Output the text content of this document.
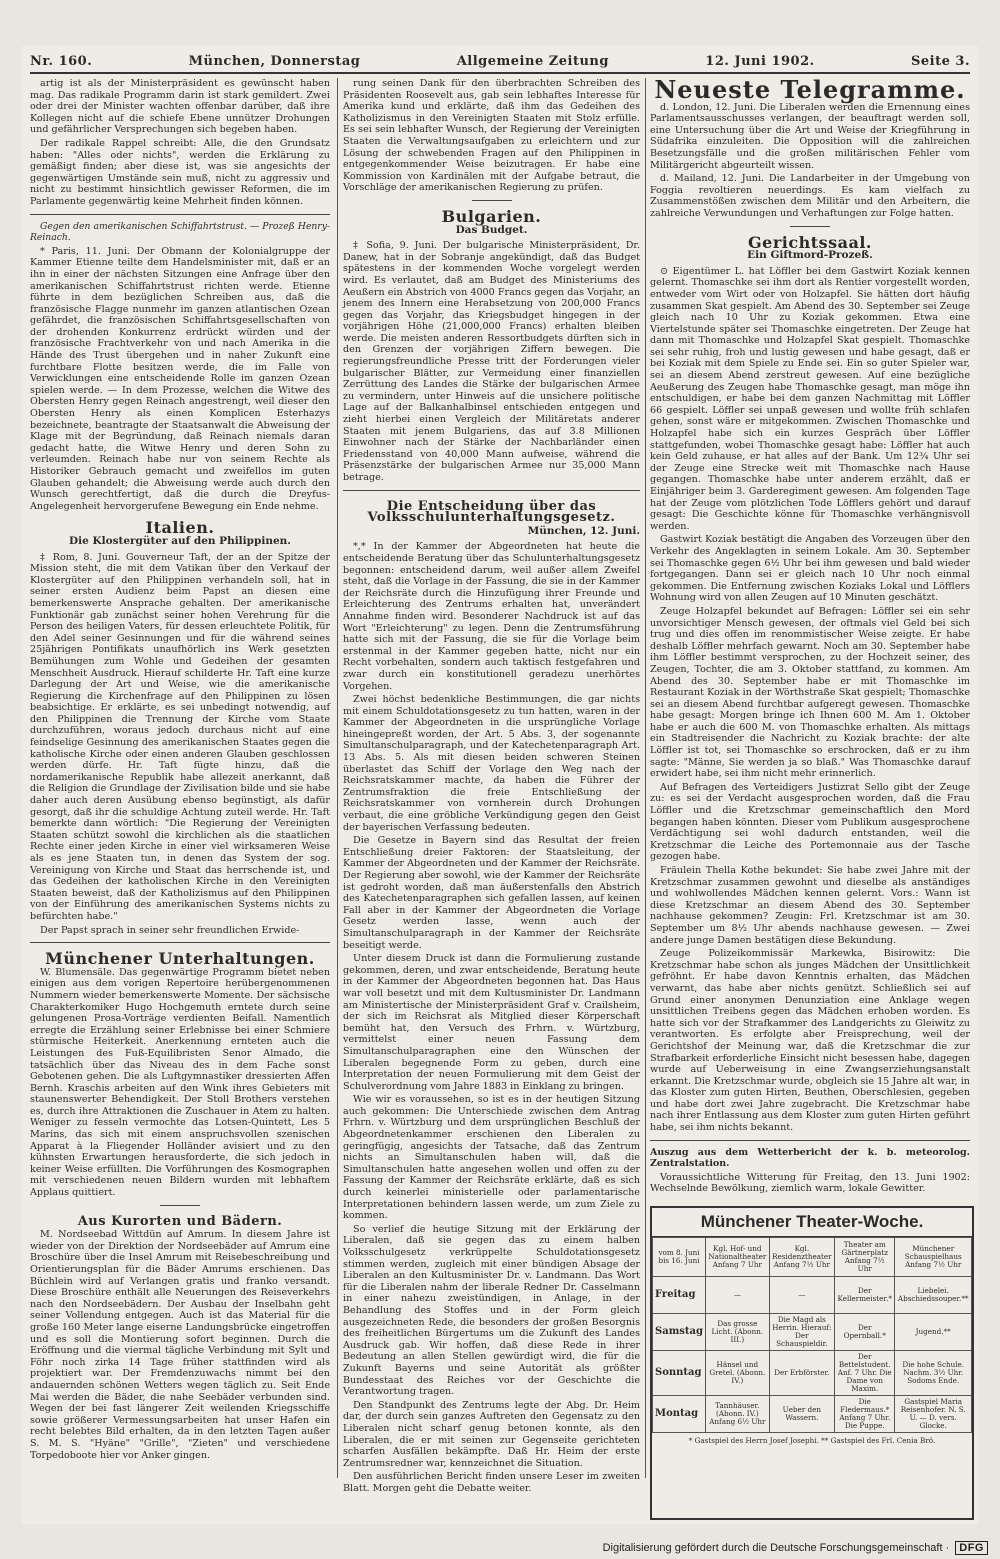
Nr. 160.	München, Donnerstag	Allgemeine Zeitung	12. Juni 1902.	Seite 3.

artig ist als der Ministerpräsident es gewünscht haben mag. Das radikale Programm darin ist stark gemildert. Zwei oder drei der Minister wachten offenbar darüber, daß ihre Kollegen nicht auf die schiefe Ebene unnützer Drohungen und gefährlicher Versprechungen sich begeben haben.

Der radikale Rappel schreibt: Alle, die den Grundsatz haben: "Alles oder nichts", werden die Erklärung zu gemäßigt finden; aber diese ist, was sie angesichts der gegenwärtigen Umstände sein muß, nicht zu aggressiv und nicht zu bestimmt hinsichtlich gewisser Reformen, die im Parlamente gegenwärtig keine Mehrheit finden können.

Gegen den amerikanischen Schiffahrtstrust. — Prozeß Henry-Reinach.

* Paris, 11. Juni. Der Obmann der Kolonialgruppe der Kammer Etienne teilte dem Handelsminister mit, daß er an ihn in einer der nächsten Sitzungen eine Anfrage über den amerikanischen Schiffahrtstrust richten werde. Etienne führte in dem bezüglichen Schreiben aus, daß die französische Flagge nunmehr im ganzen atlantischen Ozean gefährdet, die französischen Schiffahrtsgesellschaften von der drohenden Konkurrenz erdrückt würden und der französische Frachtverkehr von und nach Amerika in die Hände des Trust übergehen und in naher Zukunft eine furchtbare Flotte besitzen werde, die im Falle von Verwicklungen eine entscheidende Rolle im ganzen Ozean spielen werde. — In dem Prozesse, welchen die Witwe des Obersten Henry gegen Reinach angestrengt, weil dieser den Obersten Henry als einen Komplicen Esterhazys bezeichnete, beantragte der Staatsanwalt die Abweisung der Klage mit der Begründung, daß Reinach niemals daran gedacht hatte, die Witwe Henry und deren Sohn zu verleumden. Reinach habe nur von seinem Rechte als Historiker Gebrauch gemacht und zweifellos im guten Glauben gehandelt; die Abweisung werde auch durch den Wunsch gerechtfertigt, daß die durch die Dreyfus-Angelegenheit hervorgerufene Bewegung ein Ende nehme.

Italien.
Die Klostergüter auf den Philippinen.

‡ Rom, 8. Juni. Gouverneur Taft, der an der Spitze der Mission steht, die mit dem Vatikan über den Verkauf der Klostergüter auf den Philippinen verhandeln soll, hat in seiner ersten Audienz beim Papst an diesen eine bemerkenswerte Ansprache gehalten. Der amerikanische Funktionär gab zunächst seiner hohen Verehrung für die Person des heiligen Vaters, für dessen erleuchtete Politik, für den Adel seiner Gesinnungen und für die während seines 25jährigen Pontifikats unaufhörlich ins Werk gesetzten Bemühungen zum Wohle und Gedeihen der gesamten Menschheit Ausdruck. Hierauf schilderte Hr. Taft eine kurze Darlegung der Art und Weise, wie die amerikanische Regierung die Kirchenfrage auf den Philippinen zu lösen beabsichtige. Er erklärte, es sei unbedingt notwendig, auf den Philippinen die Trennung der Kirche vom Staate durchzuführen, woraus jedoch durchaus nicht auf eine feindselige Gesinnung des amerikanischen Staates gegen die katholische Kirche oder einen anderen Glauben geschlossen werden dürfe. Hr. Taft fügte hinzu, daß die nordamerikanische Republik habe allezeit anerkannt, daß die Religion die Grundlage der Zivilisation bilde und sie habe daher auch deren Ausübung ebenso begünstigt, als dafür gesorgt, daß ihr die schuldige Achtung zuteil werde. Hr. Taft bemerkte dann wörtlich: "Die Regierung der Vereinigten Staaten schützt sowohl die kirchlichen als die staatlichen Rechte einer jeden Kirche in einer viel wirksameren Weise als es jene Staaten tun, in denen das System der sog. Vereinigung von Kirche und Staat das herrschende ist, und das Gedeihen der katholischen Kirche in den Vereinigten Staaten beweist, daß der Katholizismus auf den Philippinen von der Einführung des amerikanischen Systems nichts zu befürchten habe."

Der Papst sprach in seiner sehr freundlichen Erwide-

Münchener Unterhaltungen.

W. Blumensäle. Das gegenwärtige Programm bietet neben einigen aus dem vorigen Repertoire herübergenommenen Nummern wieder bemerkenswerte Momente. Der sächsische Charakterkomiker Hugo Hochgemuth erntete durch seine gelungenen Prosa-Vorträge verdienten Beifall. Namentlich erregte die Erzählung seiner Erlebnisse bei einer Schmiere stürmische Heiterkeit. Anerkennung ernteten auch die Leistungen des Fuß-Equilibristen Senor Almado, die tatsächlich über das Niveau des in dem Fache sonst Gebotenen gehen. Die als Luftgymnastiker dressierten Affen Bernh. Kraschis arbeiten auf den Wink ihres Gebieters mit staunenswerter Behendigkeit. Der Stoll Brothers verstehen es, durch ihre Attraktionen die Zuschauer in Atem zu halten. Weniger zu fesseln vermochte das Lotsen-Quintett, Les 5 Marins, das sich mit einem anspruchsvollen szenischen Apparat à la Fliegender Holländer avisiert und zu den kühnsten Erwartungen herausforderte, die sich jedoch in keiner Weise erfüllten. Die Vorführungen des Kosmographen mit verschiedenen neuen Bildern wurden mit lebhaftem Applaus quittiert.

Aus Kurorten und Bädern.

M. Nordseebad Wittdün auf Amrum. In diesem Jahre ist wieder von der Direktion der Nordseebäder auf Amrum eine Broschüre über die Insel Amrum mit Reisebeschreibung und Orientierungsplan für die Bäder Amrums erschienen. Das Büchlein wird auf Verlangen gratis und franko versandt. Diese Broschüre enthält alle Neuerungen des Reiseverkehrs nach den Nordseebädern. Der Ausbau der Inselbahn geht seiner Vollendung entgegen. Auch ist das Material für die große 160 Meter lange eiserne Landungsbrücke eingetroffen und es soll die Montierung sofort beginnen. Durch die Eröffnung und die viermal tägliche Verbindung mit Sylt und Föhr noch zirka 14 Tage früher stattfinden wird als projektiert war. Der Fremdenzuwachs nimmt bei den andauernden schönen Wetters wegen täglich zu. Seit Ende Mai werden die Bäder, die nahe Seebäder verbunden sind. Wegen der bei fast längerer Zeit weilenden Kriegsschiffe sowie größerer Vermessungsarbeiten hat unser Hafen ein recht belebtes Bild erhalten, da in den letzten Tagen außer S. M. S. "Hyäne" "Grille", "Zieten" und verschiedene Torpedoboote hier vor Anker gingen.

rung seinen Dank für den überbrachten Schreiben des Präsidenten Roosevelt aus, gab sein lebhaftes Interesse für Amerika kund und erklärte, daß ihm das Gedeihen des Katholizismus in den Vereinigten Staaten mit Stolz erfülle. Es sei sein lebhafter Wunsch, der Regierung der Vereinigten Staaten die Verwaltungsaufgaben zu erleichtern und zur Lösung der schwebenden Fragen auf den Philippinen in entgegenkommender Weise beizutragen. Er habe eine Kommission von Kardinälen mit der Aufgabe betraut, die Vorschläge der amerikanischen Regierung zu prüfen.

Bulgarien.
Das Budget.

‡ Sofia, 9. Juni. Der bulgarische Ministerpräsident, Dr. Danew, hat in der Sobranje angekündigt, daß das Budget spätestens in der kommenden Woche vorgelegt werden wird. Es verlautet, daß am Budget des Ministeriums des Aeußern ein Abstrich von 4000 Francs gegen das Vorjahr, an jenem des Innern eine Herabsetzung von 200,000 Francs gegen das Vorjahr, das Kriegsbudget hingegen in der vorjährigen Höhe (21,000,000 Francs) erhalten bleiben werde. Die meisten anderen Ressortbudgets dürften sich in den Grenzen der vorjährigen Ziffern bewegen. Die regierungsfreundliche Presse tritt der Forderungen vieler bulgarischer Blätter, zur Vermeidung einer finanziellen Zerrüttung des Landes die Stärke der bulgarischen Armee zu vermindern, unter Hinweis auf die unsichere politische Lage auf der Balkanhalbinsel entschieden entgegen und zieht hierbei einen Vergleich der Militäretats anderer Staaten mit jenem Bulgariens, das auf 3.8 Millionen Einwohner nach der Stärke der Nachbarländer einen Friedensstand von 40,000 Mann aufweise, während die Präsenzstärke der bulgarischen Armee nur 35,000 Mann betrage.

Die Entscheidung über das Volksschulunterhaltungsgesetz.
München, 12. Juni.

*,* In der Kammer der Abgeordneten hat heute die entscheidende Beratung über das Schulunterhaltungsgesetz begonnen: entscheidend darum, weil außer allem Zweifel steht, daß die Vorlage in der Fassung, die sie in der Kammer der Reichsräte durch die Hinzufügung ihrer Freunde und Erleichterung des Zentrums erhalten hat, unverändert Annahme finden wird. Besonderer Nachdruck ist auf das Wort "Erleichterung" zu legen. Denn die Zentrumsführung hatte sich mit der Fassung, die sie für die Vorlage beim erstenmal in der Kammer gegeben hatte, nicht nur ein Recht vorbehalten, sondern auch taktisch festgefahren und zwar durch ein konstitutionell geradezu unerhörtes Vorgehen.

Zwei höchst bedenkliche Bestimmungen, die gar nichts mit einem Schuldotationsgesetz zu tun hatten, waren in der Kammer der Abgeordneten in die ursprüngliche Vorlage hineingepreßt worden, der Art. 5 Abs. 3, der sogenannte Simultanschulparagraph, und der Katechetenparagraph Art. 13 Abs. 5. Als mit diesen beiden schweren Steinen überlastet das Schiff der Vorlage den Weg nach der Reichsratskammer machte, da haben die Führer der Zentrumsfraktion die freie Entschließung der Reichsratskammer von vornherein durch Drohungen verbaut, die eine gröbliche Verkündigung gegen den Geist der bayerischen Verfassung bedeuten.

Die Gesetze in Bayern sind das Resultat der freien Entschließung dreier Faktoren: der Staatsleitung, der Kammer der Abgeordneten und der Kammer der Reichsräte. Der Regierung aber sowohl, wie der Kammer der Reichsräte ist gedroht worden, daß man äußerstenfalls den Abstrich des Katechetenparagraphen sich gefallen lassen, auf keinen Fall aber in der Kammer der Abgeordneten die Vorlage Gesetz werden lasse, wenn auch der Simultanschulparagraph in der Kammer der Reichsräte beseitigt werde.

Unter diesem Druck ist dann die Formulierung zustande gekommen, deren, und zwar entscheidende, Beratung heute in der Kammer der Abgeordneten begonnen hat. Das Haus war voll besetzt und mit dem Kultusminister Dr. Landmann am Ministertische der Ministerpräsident Graf v. Crailsheim, der sich im Reichsrat als Mitglied dieser Körperschaft bemüht hat, den Versuch des Frhrn. v. Würtzburg, vermittelst einer neuen Fassung dem Simultanschulparagraphen eine den Wünschen der Liberalen begegnende Form zu geben, durch eine Interpretation der neuen Formulierung mit dem Geist der Schulverordnung vom Jahre 1883 in Einklang zu bringen.

Wie wir es voraussehen, so ist es in der heutigen Sitzung auch gekommen: Die Unterschiede zwischen dem Antrag Frhrn. v. Würtzburg und dem ursprünglichen Beschluß der Abgeordnetenkammer erschienen den Liberalen zu geringfügig, angesichts der Tatsache, daß das Zentrum nichts an Simultanschulen haben will, daß die Simultanschulen hatte angesehen wollen und offen zu der Fassung der Kammer der Reichsräte erklärte, daß es sich durch keinerlei ministerielle oder parlamentarische Interpretationen behindern lassen werde, um zum Ziele zu kommen.

So verlief die heutige Sitzung mit der Erklärung der Liberalen, daß sie gegen das zu einem halben Volksschulgesetz verkrüppelte Schuldotationsgesetz stimmen werden, zugleich mit einer bündigen Absage der Liberalen an den Kultusminister Dr. v. Landmann. Das Wort für die Liberalen nahm der liberale Redner Dr. Casselmann in einer nahezu zweistündigen, in Anlage, in der Behandlung des Stoffes und in der Form gleich ausgezeichneten Rede, die besonders der großen Besorgnis des freiheitlichen Bürgertums um die Zukunft des Landes Ausdruck gab. Wir hoffen, daß diese Rede in ihrer Bedeutung an allen Stellen gewürdigt wird, die für die Zukunft Bayerns und seine Autorität als größter Bundesstaat des Reiches vor der Geschichte die Verantwortung tragen.

Den Standpunkt des Zentrums legte der Abg. Dr. Heim dar, der durch sein ganzes Auftreten den Gegensatz zu den Liberalen nicht scharf genug betonen konnte, als den Liberalen, die er mit seinen zur Gegenseite gerichteten scharfen Ausfällen bekämpfte. Daß Hr. Heim der erste Zentrumsredner war, kennzeichnet die Situation.

Den ausführlichen Bericht finden unsere Leser im zweiten Blatt. Morgen geht die Debatte weiter.

Neueste Telegramme.

d. London, 12. Juni. Die Liberalen werden die Ernennung eines Parlamentsausschusses verlangen, der beauftragt werden soll, eine Untersuchung über die Art und Weise der Kriegführung in Südafrika einzuleiten. Die Opposition will die zahlreichen Besetzungsfälle und die großen militärischen Fehler vom Militärgericht abgeurteilt wissen.

d. Mailand, 12. Juni. Die Landarbeiter in der Umgebung von Foggia revoltieren neuerdings. Es kam vielfach zu Zusammenstößen zwischen dem Militär und den Arbeitern, die zahlreiche Verwundungen und Verhaftungen zur Folge hatten.

Gerichtssaal.
Ein Giftmord-Prozeß.

⊙ Eigentümer L. hat Löffler bei dem Gastwirt Koziak kennen gelernt. Thomaschke sei ihm dort als Rentier vorgestellt worden, entweder vom Wirt oder von Holzapfel. Sie hätten dort häufig zusammen Skat gespielt. Am Abend des 30. September sei Zeuge gleich nach 10 Uhr zu Koziak gekommen. Etwa eine Viertelstunde später sei Thomaschke eingetreten. Der Zeuge hat dann mit Thomaschke und Holzapfel Skat gespielt. Thomaschke sei sehr ruhig, froh und lustig gewesen und habe gesagt, daß er bei Koziak mit dem Spiele zu Ende sei. Ein so guter Spieler war, sei an diesem Abend zerstreut gewesen. Auf eine bezügliche Aeußerung des Zeugen habe Thomaschke gesagt, man möge ihn entschuldigen, er habe bei dem ganzen Nachmittag mit Löffler 66 gespielt. Löffler sei unpaß gewesen und wollte früh schlafen gehen, sonst wäre er mitgekommen. Zwischen Thomaschke und Holzapfel habe sich ein kurzes Gespräch über Löffler stattgefunden, wobei Thomaschke gesagt habe: Löffler hat auch kein Geld zuhause, er hat alles auf der Bank. Um 12¾ Uhr sei der Zeuge eine Strecke weit mit Thomaschke nach Hause gegangen. Thomaschke habe unter anderem erzählt, daß er Einjähriger beim 3. Garderegiment gewesen. Am folgenden Tage hat der Zeuge vom plötzlichen Tode Löfflers gehört und darauf gesagt: Die Geschichte könne für Thomaschke verhängnisvoll werden.

Gastwirt Koziak bestätigt die Angaben des Vorzeugen über den Verkehr des Angeklagten in seinem Lokale. Am 30. September sei Thomaschke gegen 6½ Uhr bei ihm gewesen und bald wieder fortgegangen. Dann sei er gleich nach 10 Uhr noch einmal gekommen. Die Entfernung zwischen Koziaks Lokal und Löfflers Wohnung wird von allen Zeugen auf 10 Minuten geschätzt.

Zeuge Holzapfel bekundet auf Befragen: Löffler sei ein sehr unvorsichtiger Mensch gewesen, der oftmals viel Geld bei sich trug und dies offen im renommistischer Weise zeigte. Er habe deshalb Löffler mehrfach gewarnt. Noch am 30. September habe ihm Löffler bestimmt versprochen, zu der Hochzeit seiner, des Zeugen, Tochter, die am 3. Oktober stattfand, zu kommen. Am Abend des 30. September habe er mit Thomaschke im Restaurant Koziak in der Wörthstraße Skat gespielt; Thomaschke sei an diesem Abend furchtbar aufgeregt gewesen. Thomaschke habe gesagt: Morgen bringe ich Ihnen 600 M. Am 1. Oktober habe er auch die 600 M. von Thomaschke erhalten. Als mittags ein Stadtreisender die Nachricht zu Koziak brachte: der alte Löffler ist tot, sei Thomaschke so erschrocken, daß er zu ihm sagte: "Männe, Sie werden ja so blaß." Was Thomaschke darauf erwidert habe, sei ihm nicht mehr erinnerlich.

Auf Befragen des Verteidigers Justizrat Sello gibt der Zeuge zu: es sei der Verdacht ausgesprochen worden, daß die Frau Löffler und die Kretzschmar gemeinschaftlich den Mord begangen haben könnten. Dieser vom Publikum ausgesprochene Verdächtigung sei wohl dadurch entstanden, weil die Kretzschmar die Leiche des Portemonnaie aus der Tasche gezogen habe.

Fräulein Thella Kothe bekundet: Sie habe zwei Jahre mit der Kretzschmar zusammen gewohnt und dieselbe als anständiges und wohlwollendes Mädchen kennen gelernt. Vors.: Wann ist diese Kretzschmar an diesem Abend des 30. September nachhause gekommen? Zeugin: Frl. Kretzschmar ist am 30. September um 8½ Uhr abends nachhause gewesen. — Zwei andere junge Damen bestätigen diese Bekundung.

Zeuge Polizeikommissär Markewka, Bisirowitz: Die Kretzschmar habe schon als junges Mädchen der Unsittlichkeit gefröhnt. Er habe davon Kenntnis erhalten, das Mädchen verwarnt, das habe aber nichts genützt. Schließlich sei auf Grund einer anonymen Denunziation eine Anklage wegen unsittlichen Treibens gegen das Mädchen erhoben worden. Es hatte sich vor der Strafkammer des Landgerichts zu Gleiwitz zu verantworten. Es erfolgte aber Freisprechung, weil der Gerichtshof der Meinung war, daß die Kretzschmar die zur Strafbarkeit erforderliche Einsicht nicht besessen habe, dagegen wurde auf Ueberweisung in eine Zwangserziehungsanstalt erkannt. Die Kretzschmar wurde, obgleich sie 15 Jahre alt war, in das Kloster zum guten Hirten, Beuthen, Oberschlesien, gegeben und habe dort zwei Jahre zugebracht. Die Kretzschmar habe nach ihrer Entlassung aus dem Kloster zum guten Hirten geführt habe, sei ihm nichts bekannt.

Auszug aus dem Wetterbericht der k. b. meteorolog. Zentralstation.

Voraussichtliche Witterung für Freitag, den 13. Juni 1902: Wechselnde Bewölkung, ziemlich warm, lokale Gewitter.

Münchener Theater-Woche.
vom 8. Juni bis 16. Juni	Kgl. Hof- und Nationaltheater Anfang 7 Uhr	Kgl. Residenztheater Anfang 7½ Uhr	Theater am Gärtnerplatz Anfang 7½ Uhr	Münchener Schauspielhaus Anfang 7½ Uhr
Freitag	—	—	Der Kellermeister.*	Liebelei. Abschiedssouper.**
Samstag	Das grosse Licht. (Abonn. III.)	Die Magd als Herrin. Hierauf: Der Schauspieldir.	Der Opernball.*	Jugend.**
Sonntag	Hänsel und Gretel. (Abonn. IV.)	Der Erbförster.	Der Bettelstudent. Anf. 7 Uhr. Die Dame von Maxim.	Die hohe Schule. Nachm. 3½ Uhr. Sodoms Ende.
Montag	Tannhäuser. (Abonn. IV.) Anfang 6½ Uhr	Ueber den Wassern.	Die Fledermaus.* Anfang 7 Uhr. Die Puppe.	Gastspiel Maria Reisenhofer. N. S. U. — D. vers. Glocke.
* Gastspiel des Herrn Josef Josephi. ** Gastspiel des Frl. Cenia Brö.
Digitalisierung gefördert durch die Deutsche Forschungsgemeinschaft · DFG
